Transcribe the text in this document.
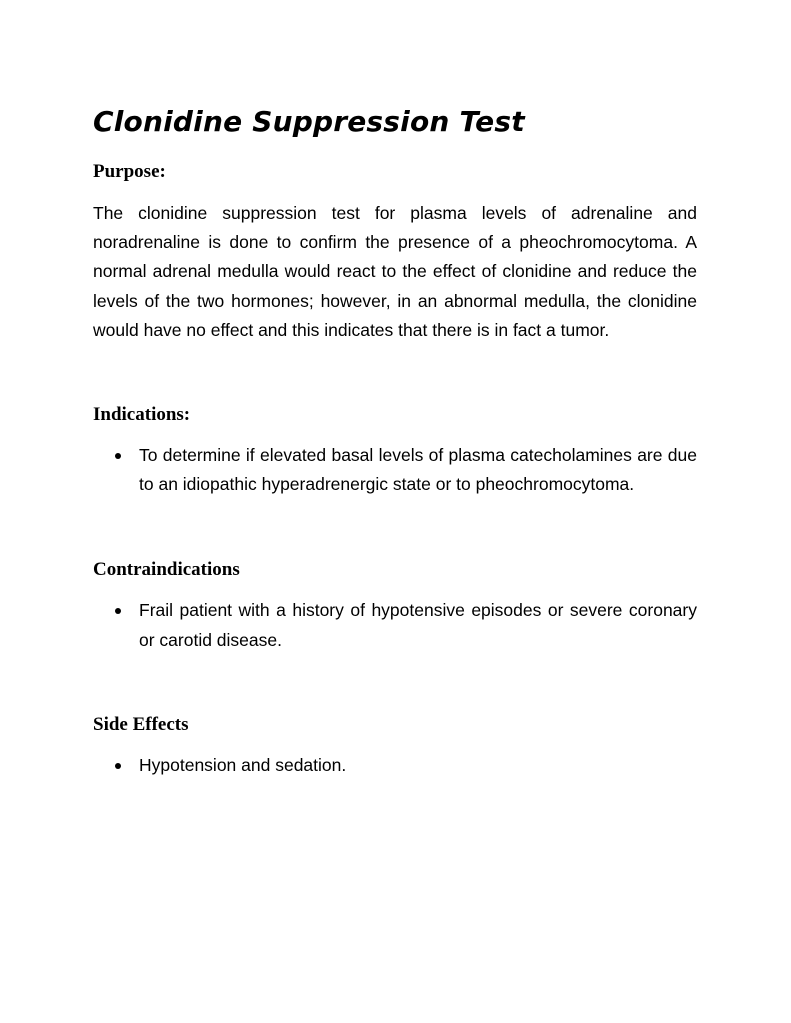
Clonidine Suppression Test
Purpose:

The clonidine suppression test for plasma levels of adrenaline and noradrenaline is done to confirm the presence of a pheochromocytoma. A normal adrenal medulla would react to the effect of clonidine and reduce the levels of the two hormones; however, in an abnormal medulla, the clonidine would have no effect and this indicates that there is in fact a tumor.

Indications:
To determine if elevated basal levels of plasma catecholamines are due to an idiopathic hyperadrenergic state or to pheochromocytoma.
Contraindications
Frail patient with a history of hypotensive episodes or severe coronary or carotid disease.
Side Effects
Hypotension and sedation.
